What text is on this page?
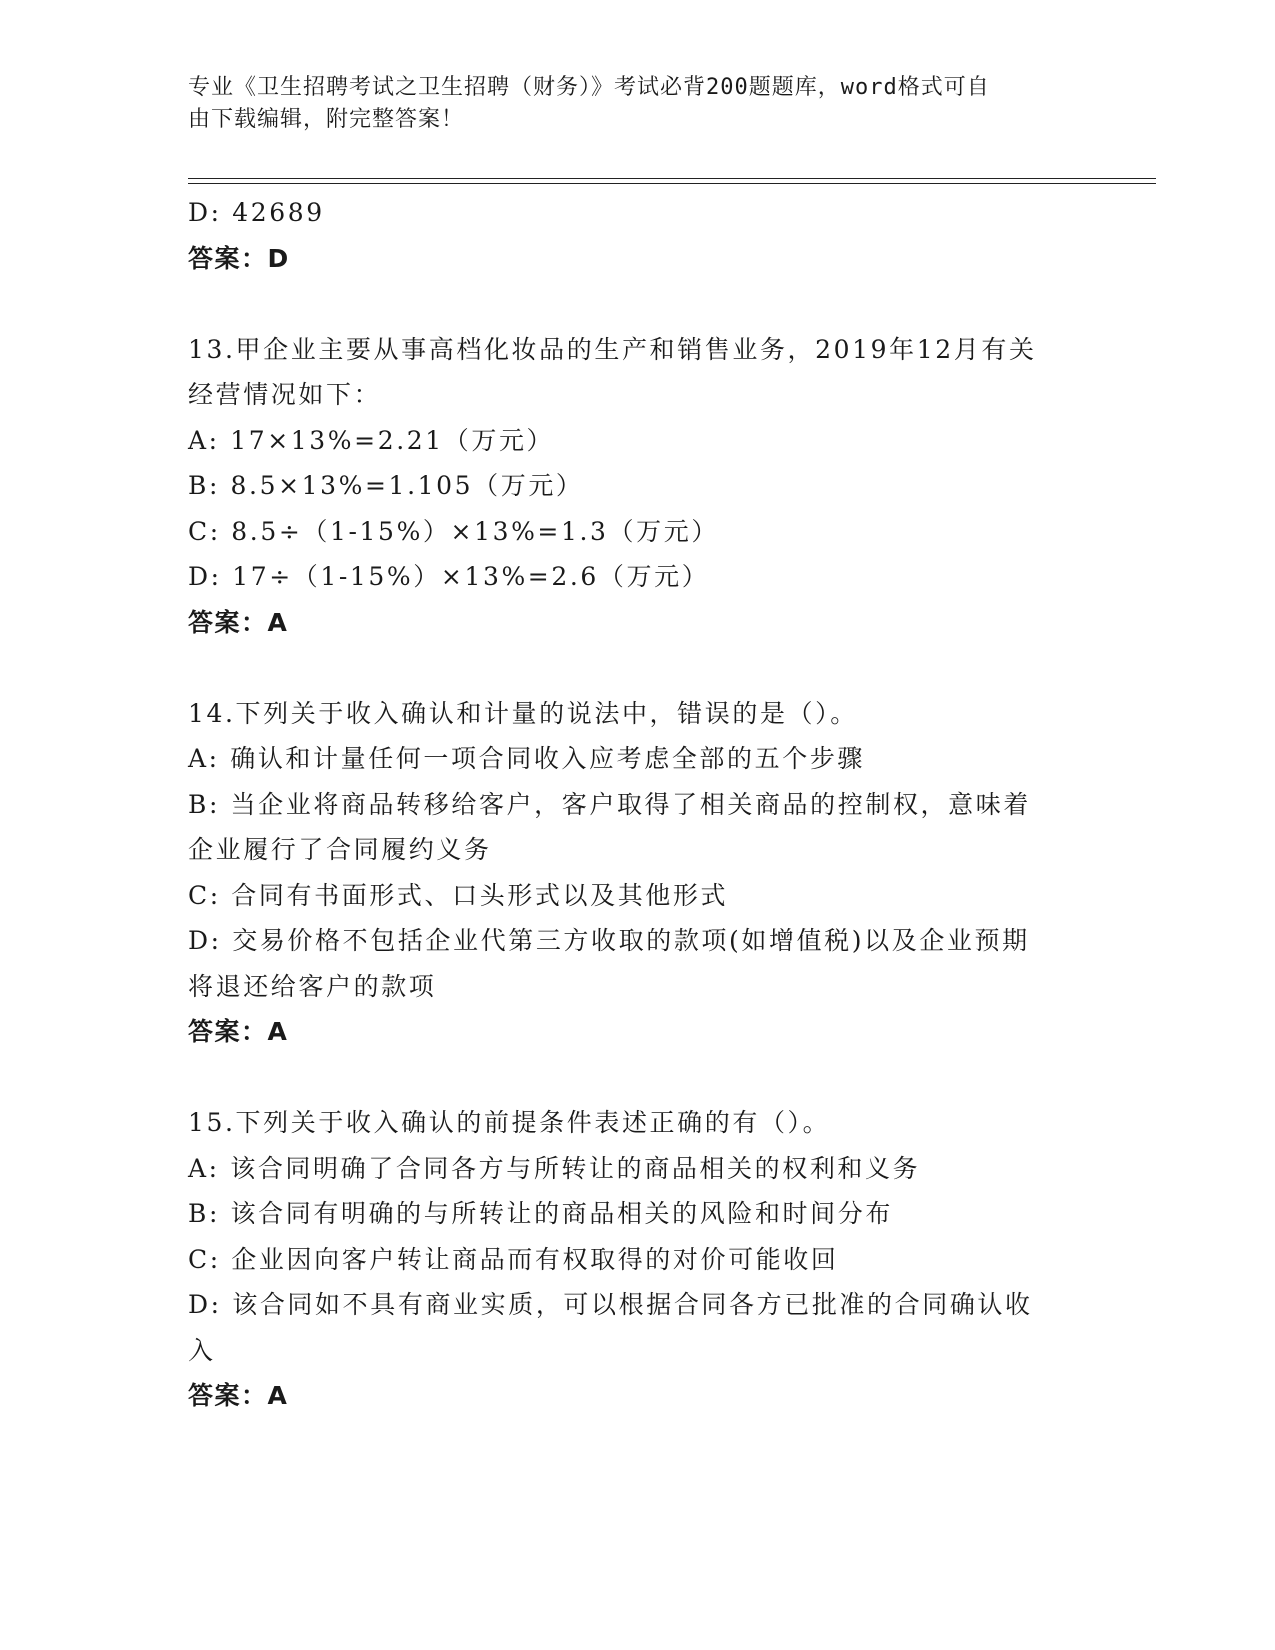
专业《卫生招聘考试之卫生招聘（财务）》考试必背200题题库，word格式可自
由下载编辑，附完整答案！
D: 42689
答案：D
13.甲企业主要从事高档化妆品的生产和销售业务，2019年12月有关
经营情况如下：
A: 17×13%=2.21（万元）
B: 8.5×13%=1.105（万元）
C: 8.5÷（1-15%）×13%=1.3（万元）
D: 17÷（1-15%）×13%=2.6（万元）
答案：A
14.下列关于收入确认和计量的说法中，错误的是（）。
A: 确认和计量任何一项合同收入应考虑全部的五个步骤
B: 当企业将商品转移给客户，客户取得了相关商品的控制权，意味着
企业履行了合同履约义务
C: 合同有书面形式、口头形式以及其他形式
D: 交易价格不包括企业代第三方收取的款项(如增值税)以及企业预期
将退还给客户的款项
答案：A
15.下列关于收入确认的前提条件表述正确的有（）。
A: 该合同明确了合同各方与所转让的商品相关的权利和义务
B: 该合同有明确的与所转让的商品相关的风险和时间分布
C: 企业因向客户转让商品而有权取得的对价可能收回
D: 该合同如不具有商业实质，可以根据合同各方已批准的合同确认收
入
答案：A
